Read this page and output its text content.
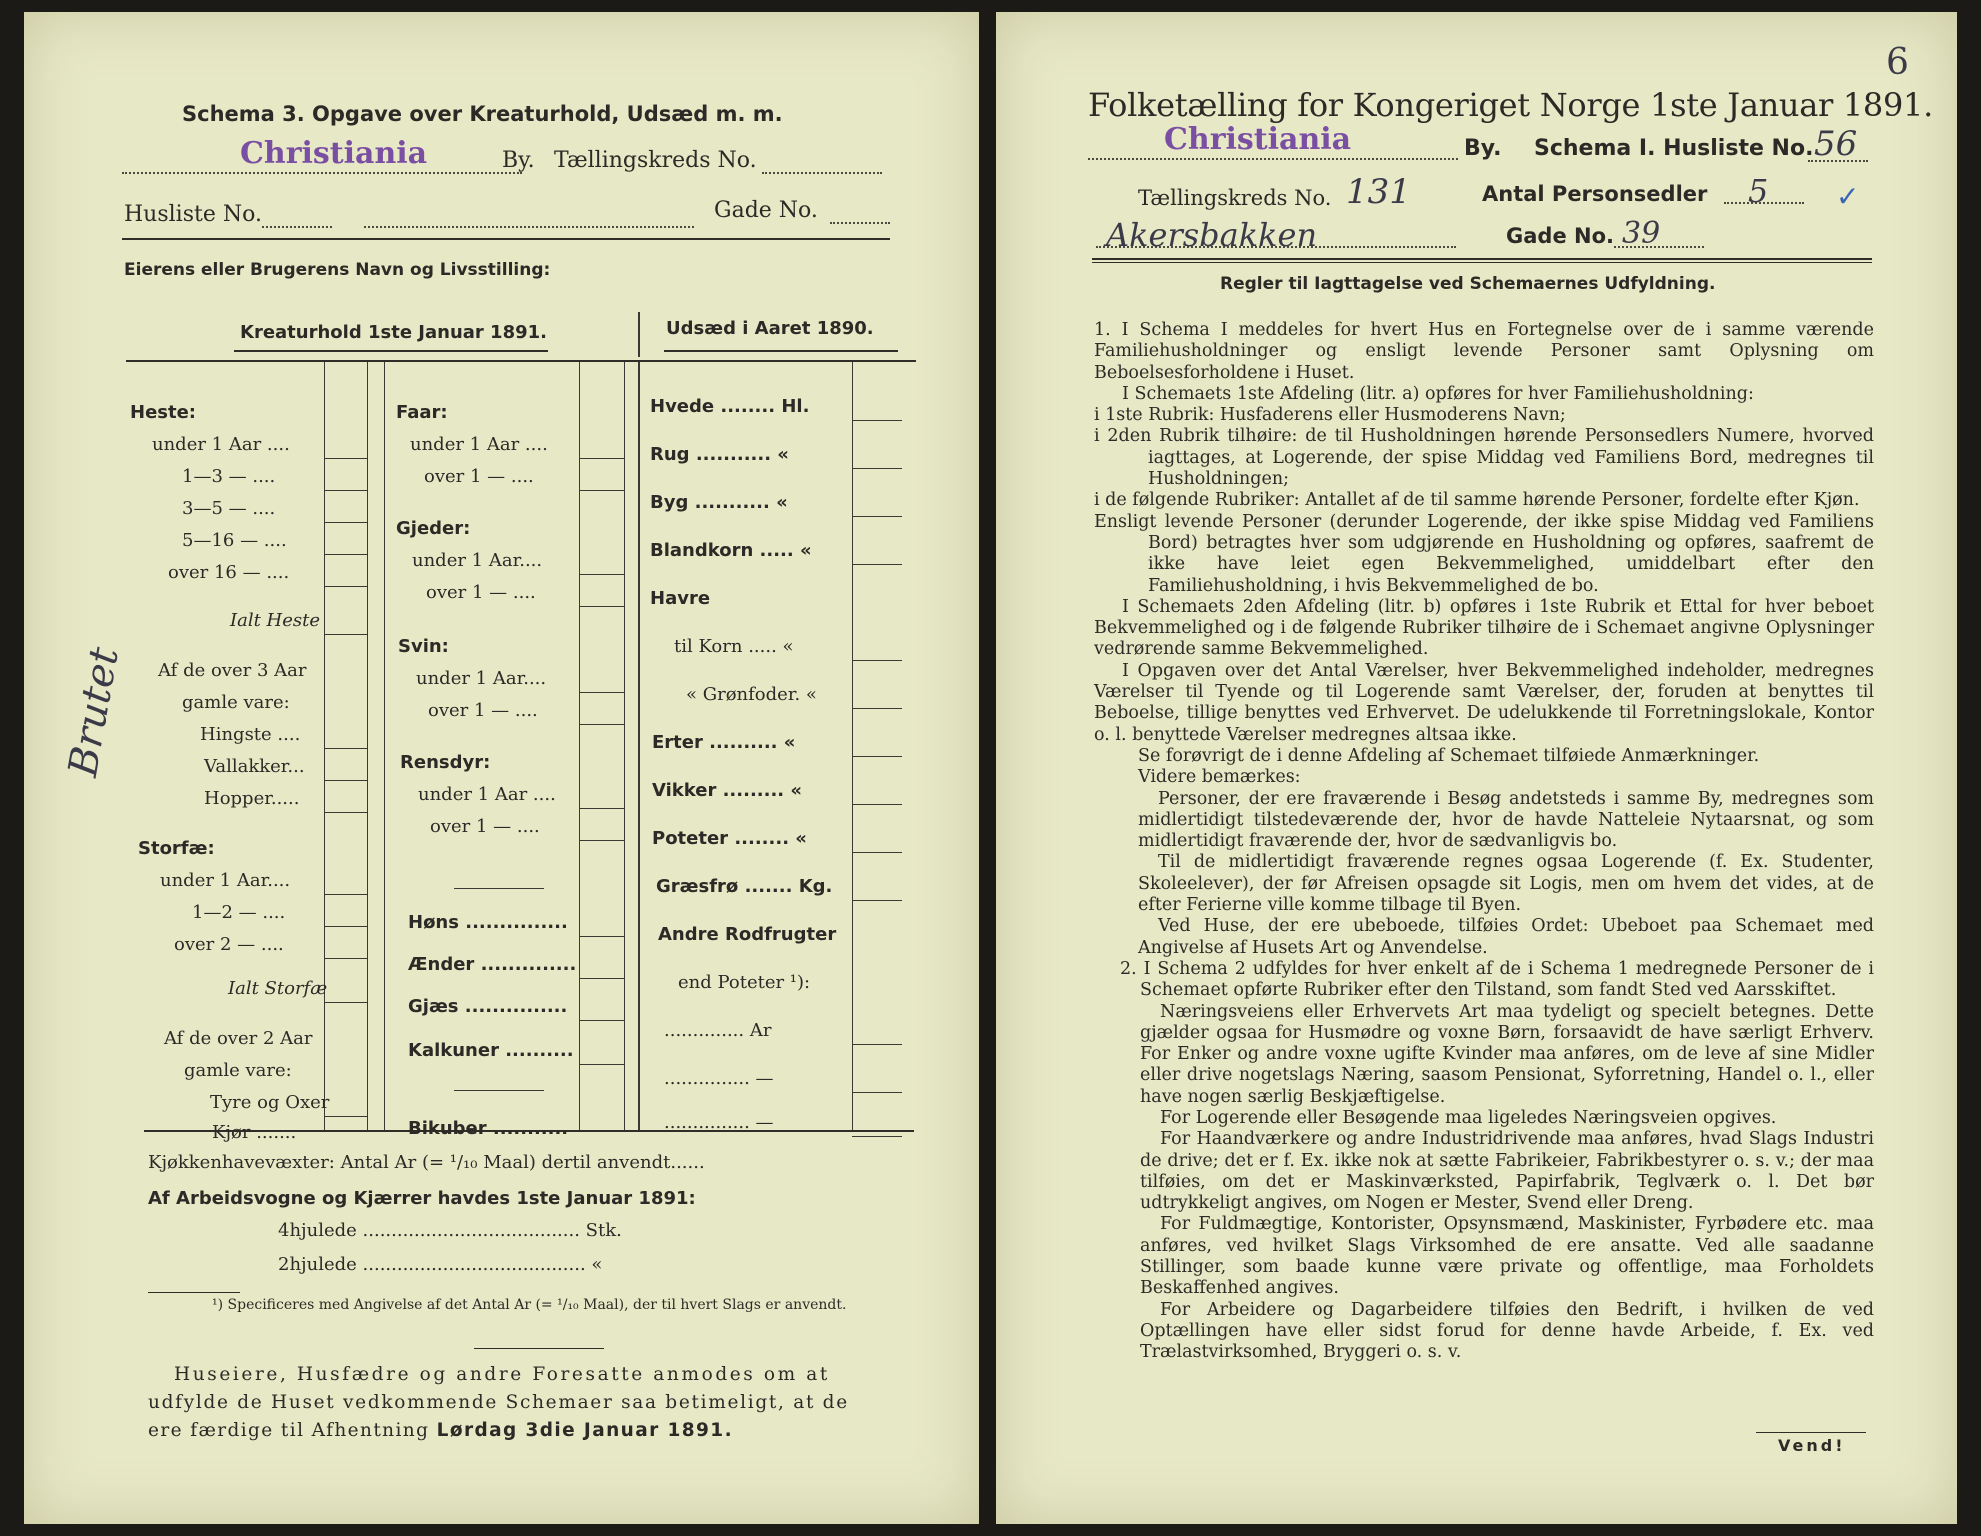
Schema 3. Opgave over Kreaturhold, Udsæd m. m.
Christiania	By. Tællingskreds No.
Husliste No.	Gade No.
Eierens eller Brugerens Navn og Livsstilling:
Kreaturhold 1ste Januar 1891.	Udsæd i Aaret 1890.
Heste:
under 1 Aar ....
1—3 — ....
3—5 — ....
5—16 — ....
over 16 — ....
Ialt Heste
Af de over 3 Aar
gamle vare:
Hingste ....
Vallakker...
Hopper.....
Storfæ:
under 1 Aar....
1—2 — ....
over 2 — ....
Ialt Storfæ
Af de over 2 Aar
gamle vare:
Tyre og Oxer
Kjør .......
Faar:
under 1 Aar ....
over 1 — ....
Gjeder:
under 1 Aar....
over 1 — ....
Svin:
under 1 Aar....
over 1 — ....
Rensdyr:
under 1 Aar ....
over 1 — ....
Høns ...............
Ænder ..............
Gjæs ...............
Kalkuner ..........
Bikuber ...........
Hvede ........ Hl.
Rug ........... «
Byg ........... «
Blandkorn ..... «
Havre
til Korn ..... «
« Grønfoder. «
Erter .......... «
Vikker ......... «
Poteter ........ «
Græsfrø ....... Kg.
Andre Rodfrugter
end Poteter ¹):
.............. Ar
............... —
............... —
Brutet
Kjøkkenhavevæxter: Antal Ar (= ¹/₁₀ Maal) dertil anvendt......
Af Arbeidsvogne og Kjærrer havdes 1ste Januar 1891:
4hjulede ...................................... Stk.
2hjulede ....................................... «
¹) Specificeres med Angivelse af det Antal Ar (= ¹/₁₀ Maal), der til hvert Slags er anvendt.
Huseiere, Husfædre og andre Foresatte anmodes om at
udfylde de Huset vedkommende Schemaer saa betimeligt, at de
ere færdige til Afhentning Lørdag 3die Januar 1891.
6
Folketælling for Kongeriget Norge 1ste Januar 1891.
Christiania	By. Schema I. Husliste No. 56
Tællingskreds No. 131	Antal Personsedler 5 ✓
Akersbakken	Gade No. 39
Regler til Iagttagelse ved Schemaernes Udfyldning.

1. I Schema I meddeles for hvert Hus en Fortegnelse over de i samme værende Familiehusholdninger og ensligt levende Personer samt Oplysning om Beboelsesforholdene i Huset.

I Schemaets 1ste Afdeling (litr. a) opføres for hver Familiehusholdning:

i 1ste Rubrik: Husfaderens eller Husmoderens Navn;

i 2den Rubrik tilhøire: de til Husholdningen hørende Personsedlers Numere, hvorved iagttages, at Logerende, der spise Middag ved Familiens Bord, medregnes til Husholdningen;

i de følgende Rubriker: Antallet af de til samme hørende Personer, fordelte efter Kjøn.

Ensligt levende Personer (derunder Logerende, der ikke spise Middag ved Familiens Bord) betragtes hver som udgjørende en Husholdning og opføres, saafremt de ikke have leiet egen Bekvemmelighed, umiddelbart efter den Familiehusholdning, i hvis Bekvemmelighed de bo.

I Schemaets 2den Afdeling (litr. b) opføres i 1ste Rubrik et Ettal for hver beboet Bekvemmelighed og i de følgende Rubriker tilhøire de i Schemaet angivne Oplysninger vedrørende samme Bekvemmelighed.

I Opgaven over det Antal Værelser, hver Bekvemmelighed indeholder, medregnes Værelser til Tyende og til Logerende samt Værelser, der, foruden at benyttes til Beboelse, tillige benyttes ved Erhvervet. De udelukkende til Forretningslokale, Kontor o. l. benyttede Værelser medregnes altsaa ikke.

Se forøvrigt de i denne Afdeling af Schemaet tilføiede Anmærkninger.

Videre bemærkes:

Personer, der ere fraværende i Besøg andetsteds i samme By, medregnes som midlertidigt tilstedeværende der, hvor de havde Natteleie Nytaarsnat, og som midlertidigt fraværende der, hvor de sædvanligvis bo.

Til de midlertidigt fraværende regnes ogsaa Logerende (f. Ex. Studenter, Skoleelever), der før Afreisen opsagde sit Logis, men om hvem det vides, at de efter Ferierne ville komme tilbage til Byen.

Ved Huse, der ere ubeboede, tilføies Ordet: Ubeboet paa Schemaet med Angivelse af Husets Art og Anvendelse.

2. I Schema 2 udfyldes for hver enkelt af de i Schema 1 medregnede Personer de i Schemaet opførte Rubriker efter den Tilstand, som fandt Sted ved Aarsskiftet.

Næringsveiens eller Erhvervets Art maa tydeligt og specielt betegnes. Dette gjælder ogsaa for Husmødre og voxne Børn, forsaavidt de have særligt Erhverv. For Enker og andre voxne ugifte Kvinder maa anføres, om de leve af sine Midler eller drive nogetslags Næring, saasom Pensionat, Syforretning, Handel o. l., eller have nogen særlig Beskjæftigelse.

For Logerende eller Besøgende maa ligeledes Næringsveien opgives.

For Haandværkere og andre Industridrivende maa anføres, hvad Slags Industri de drive; det er f. Ex. ikke nok at sætte Fabrikeier, Fabrikbestyrer o. s. v.; der maa tilføies, om det er Maskinværksted, Papirfabrik, Teglværk o. l. Det bør udtrykkeligt angives, om Nogen er Mester, Svend eller Dreng.

For Fuldmægtige, Kontorister, Opsynsmænd, Maskinister, Fyrbødere etc. maa anføres, ved hvilket Slags Virksomhed de ere ansatte. Ved alle saadanne Stillinger, som baade kunne være private og offentlige, maa Forholdets Beskaffenhed angives.

For Arbeidere og Dagarbeidere tilføies den Bedrift, i hvilken de ved Optællingen have eller sidst forud for denne havde Arbeide, f. Ex. ved Trælastvirksomhed, Bryggeri o. s. v.

Vend!
